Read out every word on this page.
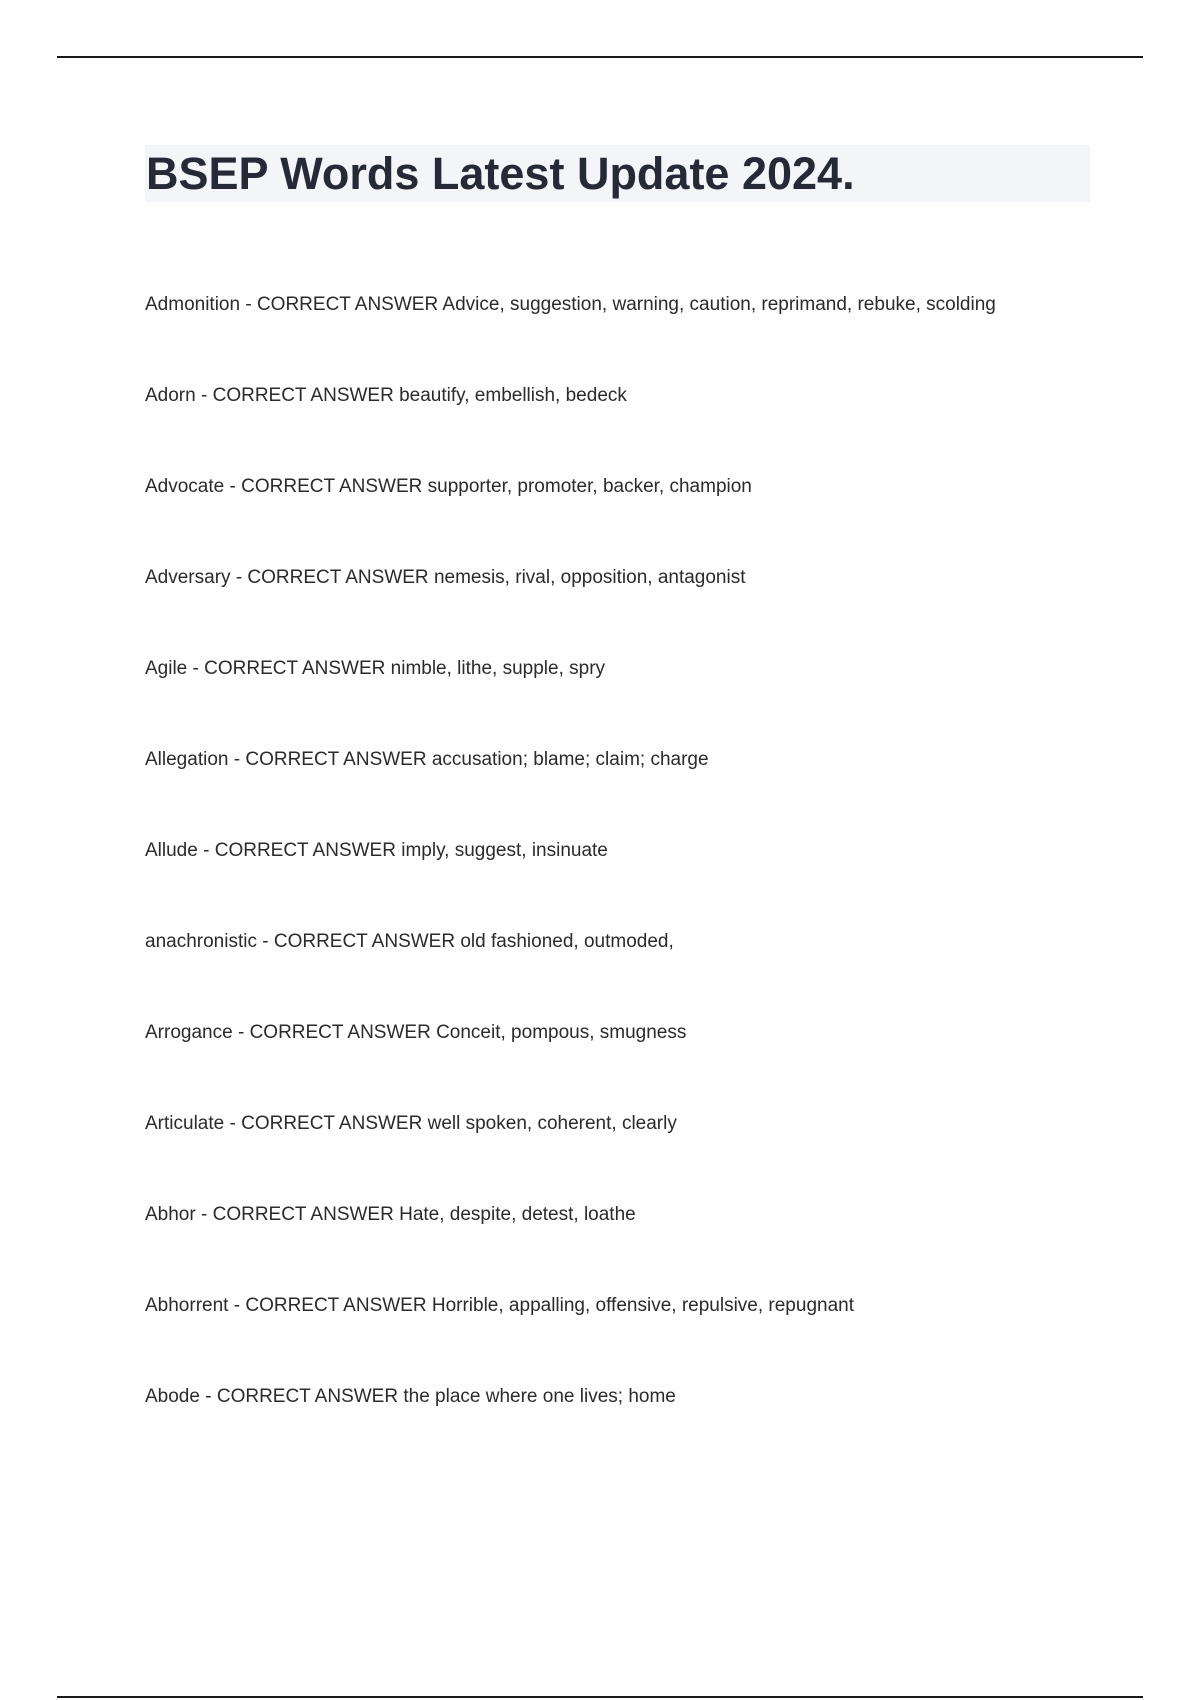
BSEP Words Latest Update 2024.
Admonition - CORRECT ANSWER Advice, suggestion, warning, caution, reprimand, rebuke, scolding
Adorn - CORRECT ANSWER beautify, embellish, bedeck
Advocate - CORRECT ANSWER supporter, promoter, backer, champion
Adversary - CORRECT ANSWER nemesis, rival, opposition, antagonist
Agile - CORRECT ANSWER nimble, lithe, supple, spry
Allegation - CORRECT ANSWER accusation; blame; claim; charge
Allude - CORRECT ANSWER imply, suggest, insinuate
anachronistic - CORRECT ANSWER old fashioned, outmoded,
Arrogance - CORRECT ANSWER Conceit, pompous, smugness
Articulate - CORRECT ANSWER well spoken, coherent, clearly
Abhor - CORRECT ANSWER Hate, despite, detest, loathe
Abhorrent - CORRECT ANSWER Horrible, appalling, offensive, repulsive, repugnant
Abode - CORRECT ANSWER the place where one lives; home
